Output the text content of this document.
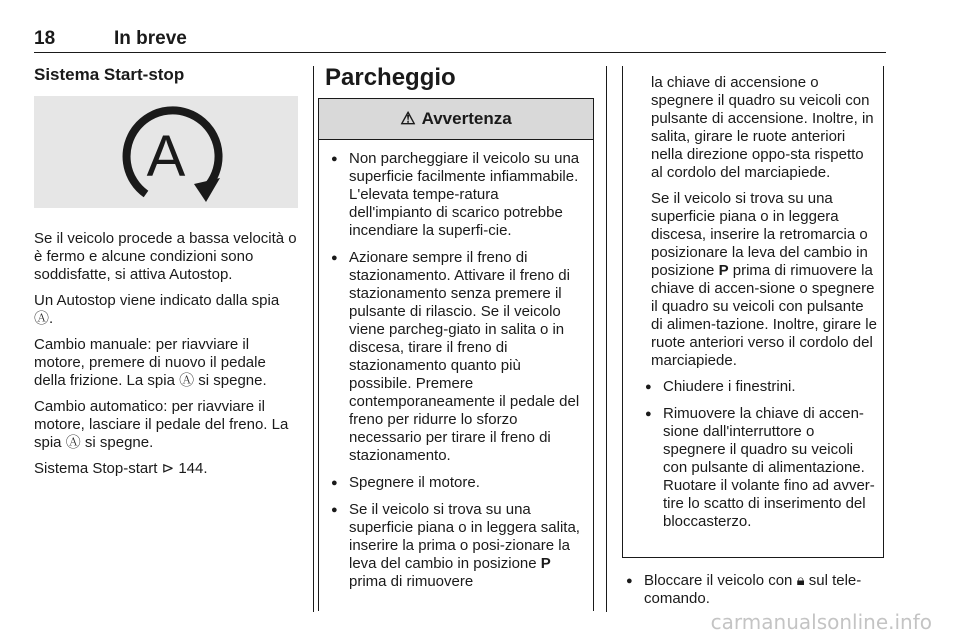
18	In breve
Sistema Start-stop
A

Se il veicolo procede a bassa velocità o è fermo e alcune condizioni sono soddisfatte, si attiva Autostop.

Un Autostop viene indicato dalla spia Ⓐ.

Cambio manuale: per riavviare il motore, premere di nuovo il pedale della frizione. La spia Ⓐ si spegne.

Cambio automatico: per riavviare il motore, lasciare il pedale del freno. La spia Ⓐ si spegne.

Sistema Stop-start ⊳ 144.

Parcheggio
⚠ Avvertenza
● Non parcheggiare il veicolo su una superficie facilmente infiammabile. L'elevata tempe-ratura dell'impianto di scarico potrebbe incendiare la superfi-cie.
● Azionare sempre il freno di stazionamento. Attivare il freno di stazionamento senza premere il pulsante di rilascio. Se il veicolo viene parcheg-giato in salita o in discesa, tirare il freno di stazionamento quanto più possibile. Premere contemporaneamente il pedale del freno per ridurre lo sforzo necessario per tirare il freno di stazionamento.
● Spegnere il motore.
● Se il veicolo si trova su una superficie piana o in leggera salita, inserire la prima o posi-zionare la leva del cambio in posizione P prima di rimuovere

la chiave di accensione o spegnere il quadro su veicoli con pulsante di accensione. Inoltre, in salita, girare le ruote anteriori nella direzione oppo-sta rispetto al cordolo del marciapiede.

Se il veicolo si trova su una superficie piana o in leggera discesa, inserire la retromarcia o posizionare la leva del cambio in posizione P prima di rimuovere la chiave di accen-sione o spegnere il quadro su veicoli con pulsante di alimen-tazione. Inoltre, girare le ruote anteriori verso il cordolo del marciapiede.

● Chiudere i finestrini.
● Rimuovere la chiave di accen-sione dall'interruttore o spegnere il quadro su veicoli con pulsante di alimentazione. Ruotare il volante fino ad avver-tire lo scatto di inserimento del bloccasterzo.
● Bloccare il veicolo con 🔒︎ sul tele-comando.
carmanualsonline.info
